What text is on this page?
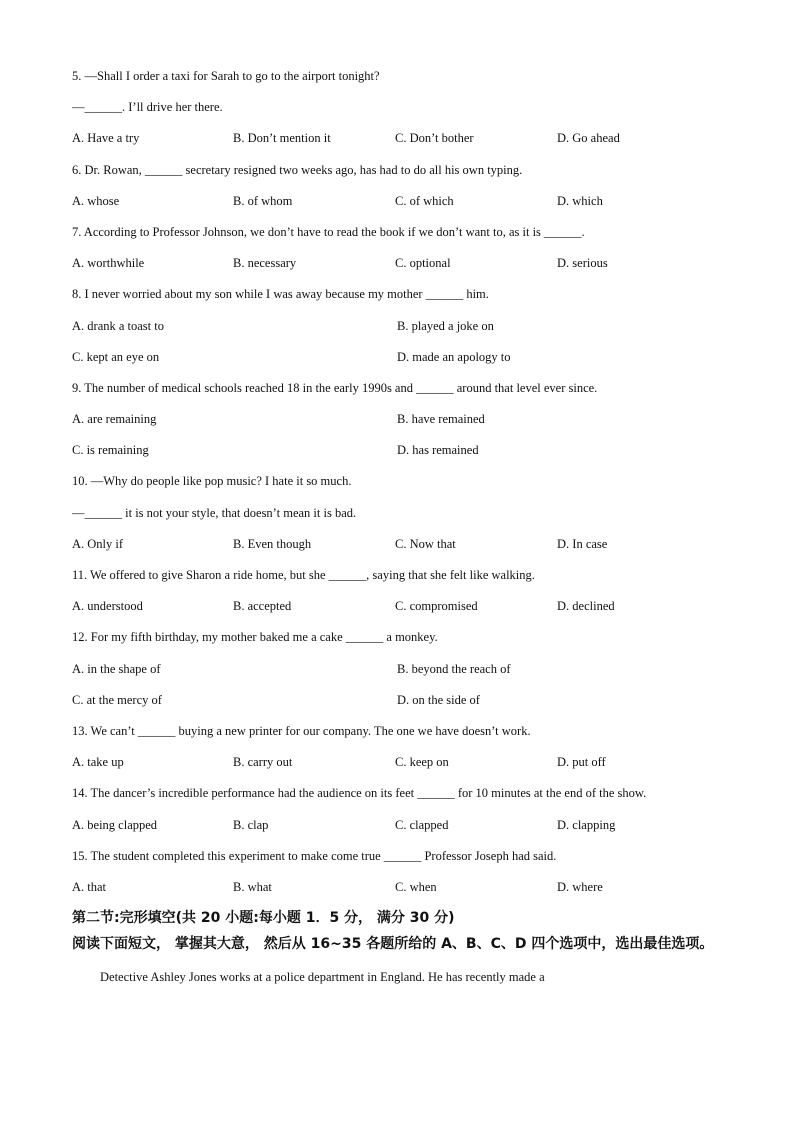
5. —Shall I order a taxi for Sarah to go to the airport tonight?
—______. I’ll drive her there.
A. Have a try	B. Don’t mention it	C. Don’t bother	D. Go ahead
6. Dr. Rowan, ______ secretary resigned two weeks ago, has had to do all his own typing.
A. whose	B. of whom	C. of which	D. which
7. According to Professor Johnson, we don’t have to read the book if we don’t want to, as it is ______.
A. worthwhile	B. necessary	C. optional	D. serious
8. I never worried about my son while I was away because my mother ______ him.
A. drank a toast to	B. played a joke on
C. kept an eye on	D. made an apology to
9. The number of medical schools reached 18 in the early 1990s and ______ around that level ever since.
A. are remaining	B. have remained
C. is remaining	D. has remained
10. —Why do people like pop music? I hate it so much.
—______ it is not your style, that doesn’t mean it is bad.
A. Only if	B. Even though	C. Now that	D. In case
11. We offered to give Sharon a ride home, but she ______, saying that she felt like walking.
A. understood	B. accepted	C. compromised	D. declined
12. For my fifth birthday, my mother baked me a cake ______ a monkey.
A. in the shape of	B. beyond the reach of
C. at the mercy of	D. on the side of
13. We can’t ______ buying a new printer for our company. The one we have doesn’t work.
A. take up	B. carry out	C. keep on	D. put off
14. The dancer’s incredible performance had the audience on its feet ______ for 10 minutes at the end of the show.
A. being clapped	B. clap	C. clapped	D. clapping
15. The student completed this experiment to make come true ______ Professor Joseph had said.
A. that	B. what	C. when	D. where
第二节:完形填空(共 20 小题:每小题 1．5 分， 满分 30 分)
阅读下面短文， 掌握其大意， 然后从 16~35 各题所给的 A、B、C、D 四个选项中，选出最佳选项。
Detective Ashley Jones works at a police department in England. He has recently made a
